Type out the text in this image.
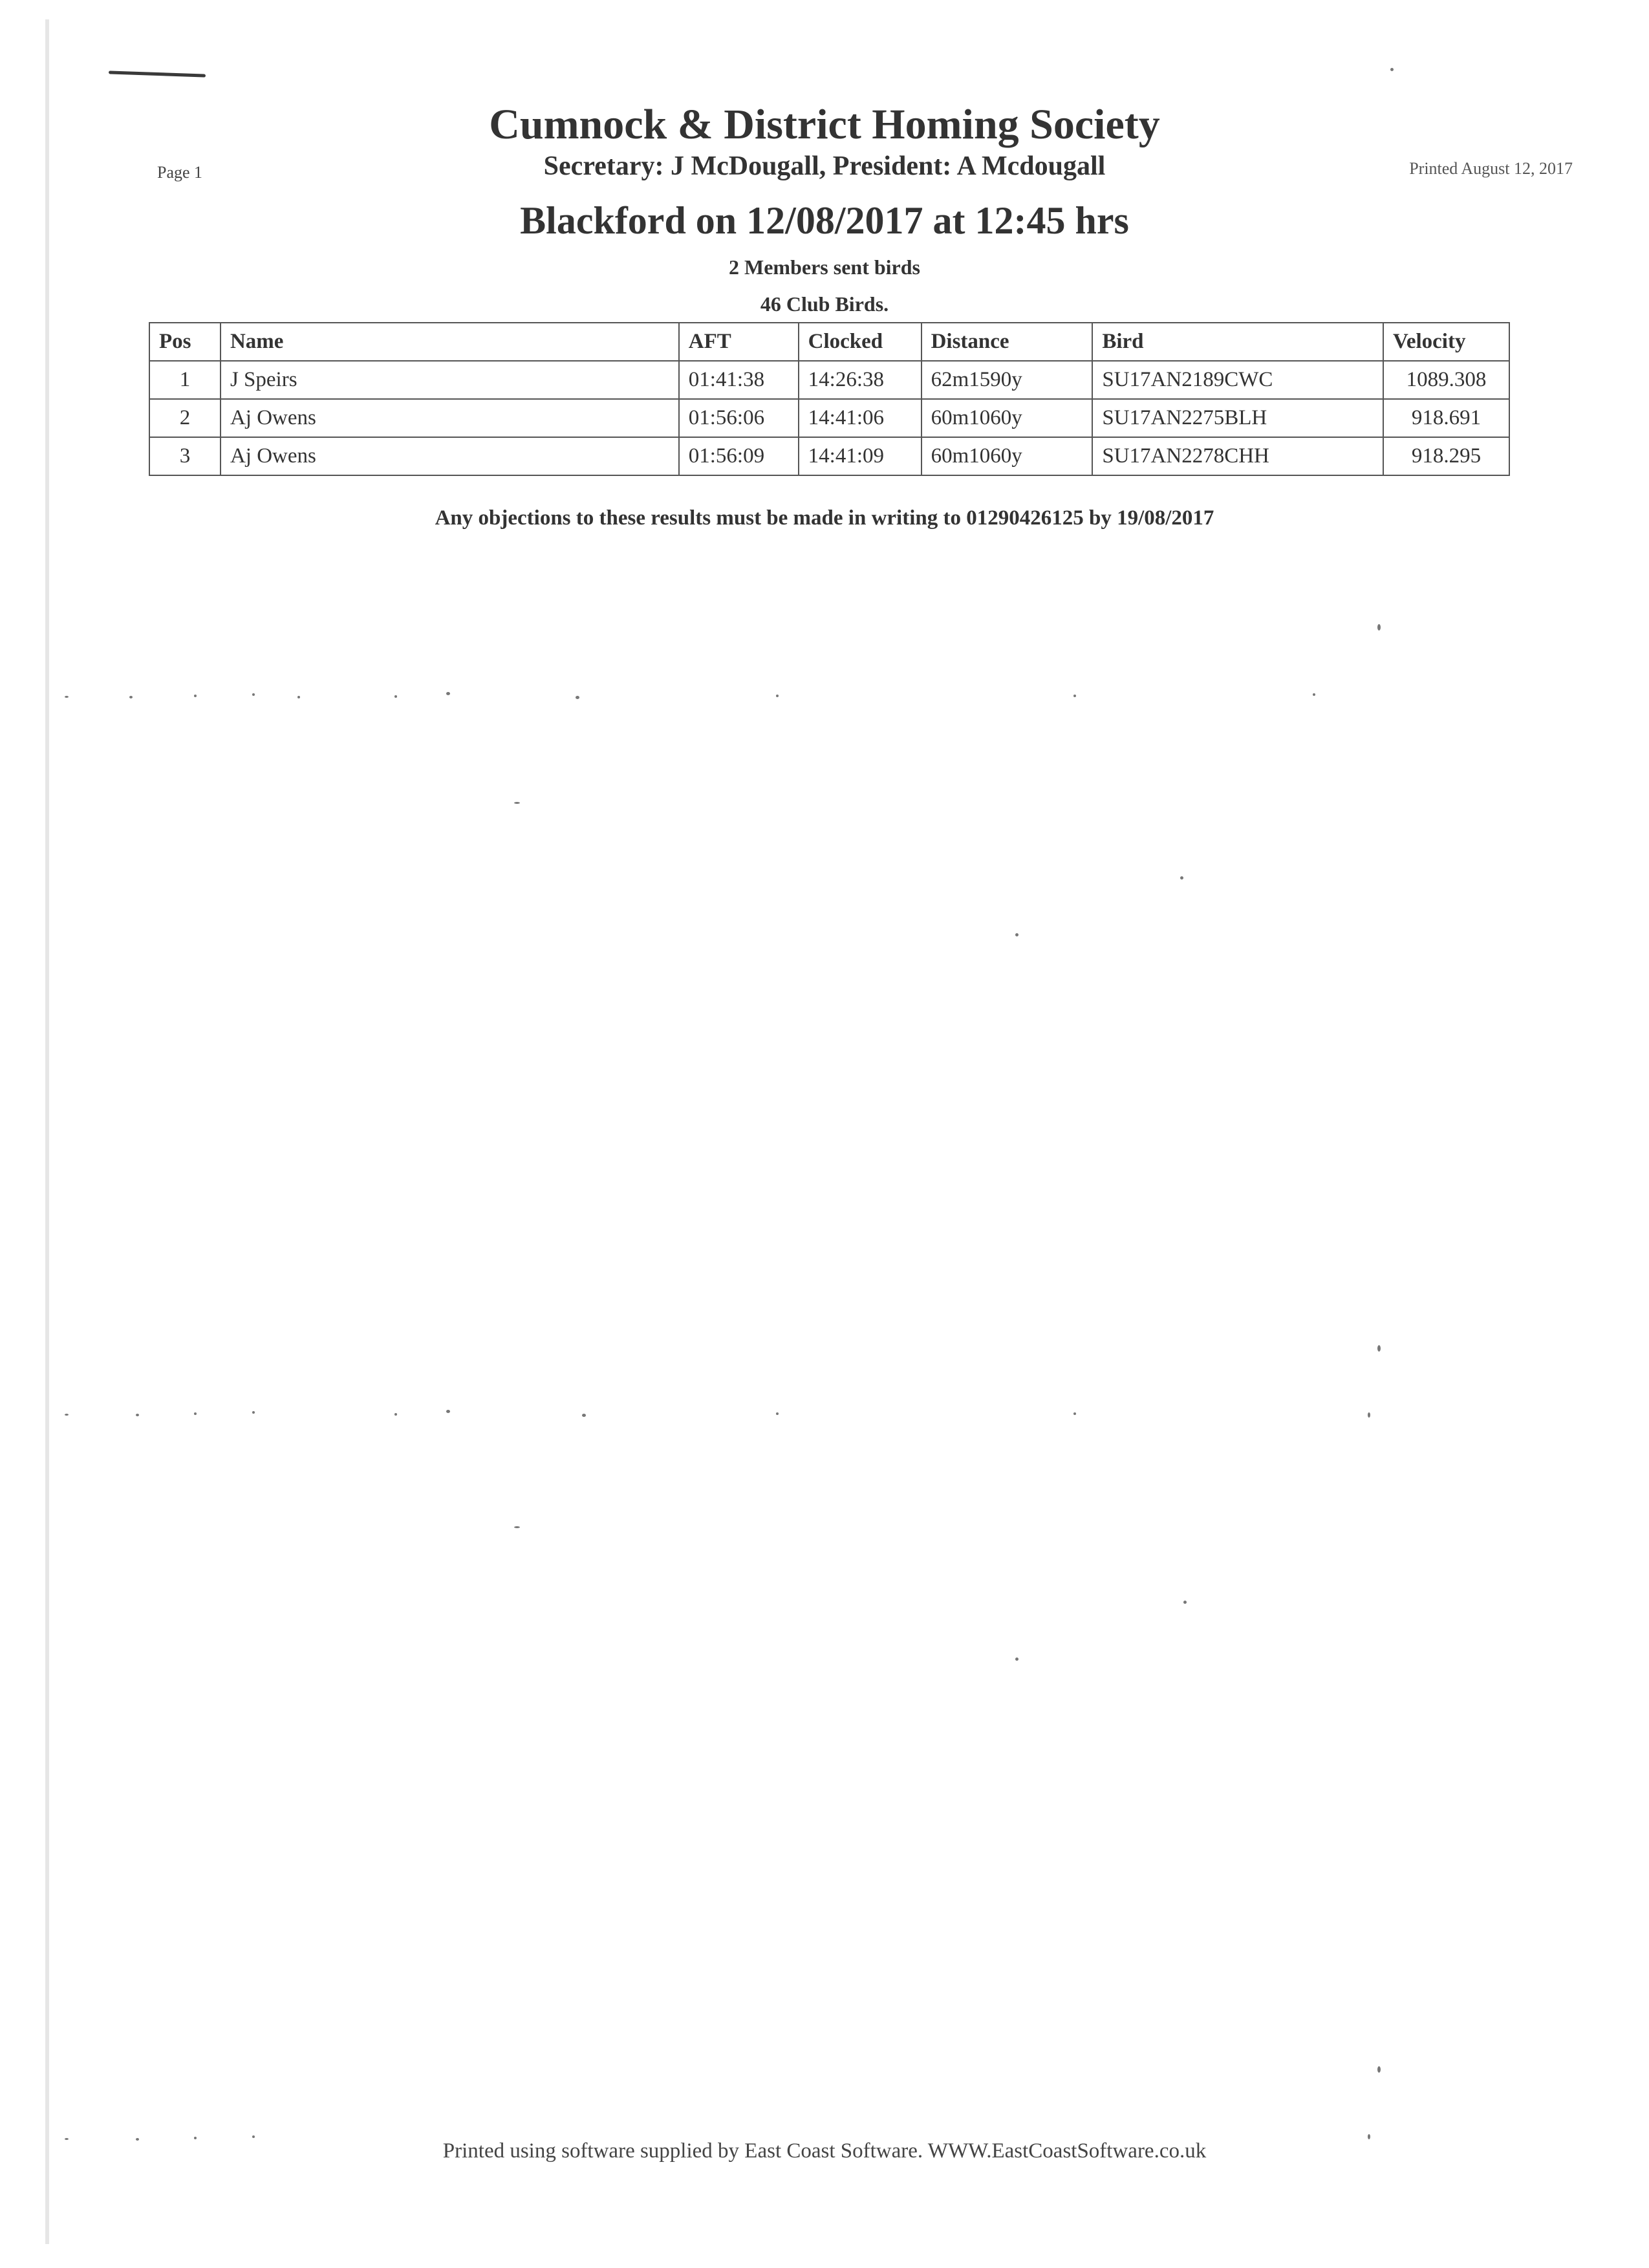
Page 1	Printed August 12, 2017
Cumnock & District Homing Society
Secretary: J McDougall, President: A Mcdougall
Blackford on 12/08/2017 at 12:45 hrs
2 Members sent birds
46 Club Birds.
Pos	Name	AFT	Clocked	Distance	Bird	Velocity
1	J Speirs	01:41:38	14:26:38	62m1590y	SU17AN2189CWC	1089.308
2	Aj Owens	01:56:06	14:41:06	60m1060y	SU17AN2275BLH	918.691
3	Aj Owens	01:56:09	14:41:09	60m1060y	SU17AN2278CHH	918.295
Any objections to these results must be made in writing to 01290426125 by 19/08/2017
Printed using software supplied by East Coast Software. WWW.EastCoastSoftware.co.uk
